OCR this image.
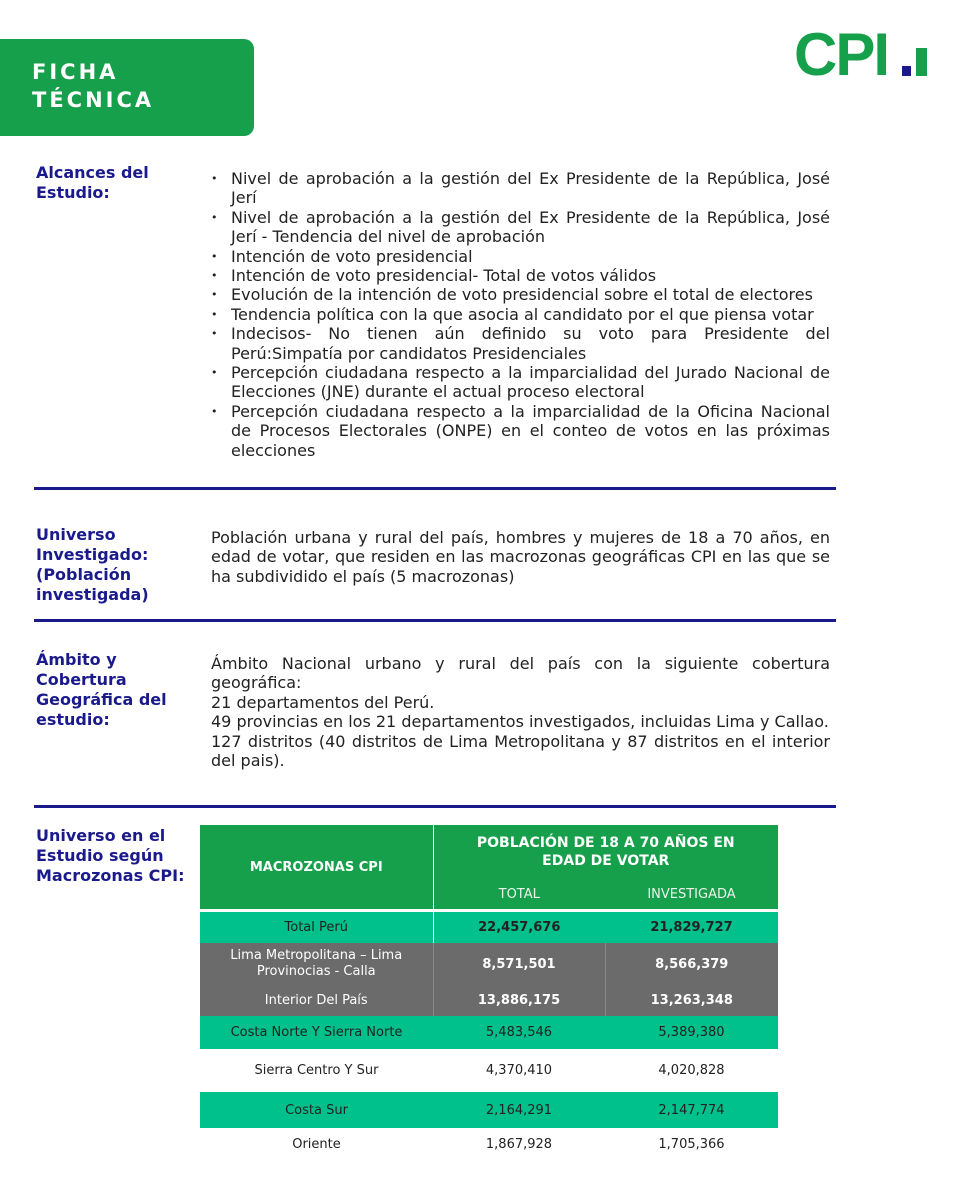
FICHA
TÉCNICA
CPI
Alcances del Estudio:
• Nivel de aprobación a la gestión del Ex Presidente de la República, José Jerí
• Nivel de aprobación a la gestión del Ex Presidente de la República, José Jerí - Tendencia del nivel de aprobación
• Intención de voto presidencial
• Intención de voto presidencial- Total de votos válidos
• Evolución de la intención de voto presidencial sobre el total de electores
• Tendencia política con la que asocia al candidato por el que piensa votar
• Indecisos- No tienen aún definido su voto para Presidente del Perú:Simpatía por candidatos Presidenciales
• Percepción ciudadana respecto a la imparcialidad del Jurado Nacional de Elecciones (JNE) durante el actual proceso electoral
• Percepción ciudadana respecto a la imparcialidad de la Oficina Nacional de Procesos Electorales (ONPE) en el conteo de votos en las próximas elecciones
Universo Investigado: (Población investigada)
Población urbana y rural del país, hombres y mujeres de 18 a 70 años, en edad de votar, que residen en las macrozonas geográficas CPI en las que se ha subdividido el país (5 macrozonas)
Ámbito y Cobertura Geográfica del estudio:
Ámbito Nacional urbano y rural del país con la siguiente cobertura geográfica:
21 departamentos del Perú.
49 provincias en los 21 departamentos investigados, incluidas Lima y Callao.
127 distritos (40 distritos de Lima Metropolitana y 87 distritos en el interior del pais).
Universo en el Estudio según Macrozonas CPI:	MACROZONAS CPI	POBLACIÓN DE 18 A 70 AÑOS EN EDAD DE VOTAR	
	TOTAL	INVESTIGADA

Total Perú	22,457,676	21,829,727
Lima Metropolitana – Lima Provinocias - Calla	8,571,501	8,566,379
Interior Del País	13,886,175	13,263,348
Costa Norte Y Sierra Norte	5,483,546	5,389,380
Sierra Centro Y Sur	4,370,410	4,020,828
Costa Sur	2,164,291	2,147,774
Oriente	1,867,928	1,705,366
